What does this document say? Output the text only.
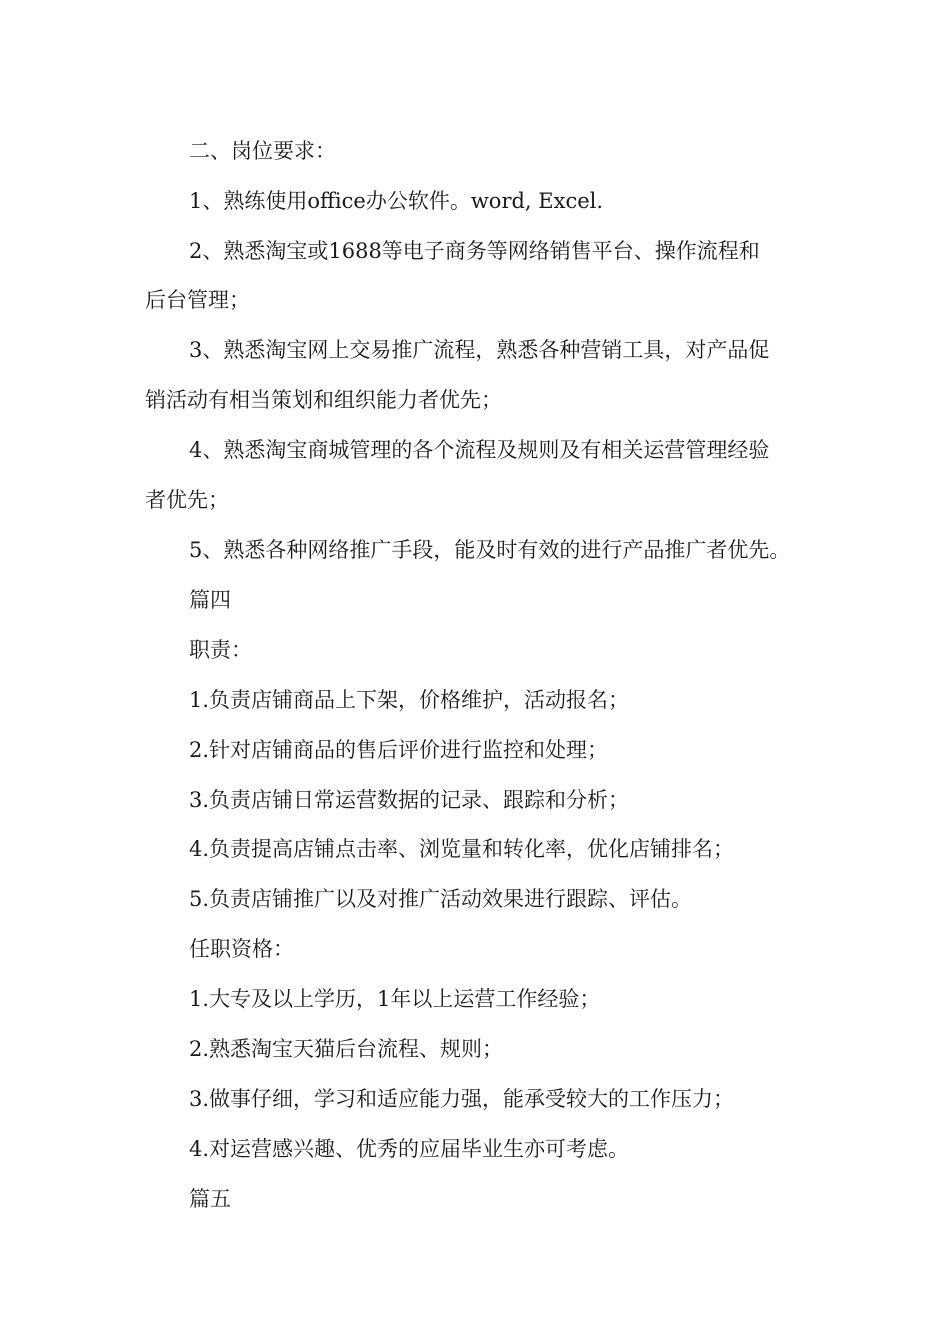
二、岗位要求：
1、熟练使用office办公软件。word, Excel.
2、熟悉淘宝或1688等电子商务等网络销售平台、操作流程和
后台管理；
3、熟悉淘宝网上交易推广流程，熟悉各种营销工具，对产品促
销活动有相当策划和组织能力者优先；
4、熟悉淘宝商城管理的各个流程及规则及有相关运营管理经验
者优先；
5、熟悉各种网络推广手段，能及时有效的进行产品推广者优先。
篇四
职责：
1.负责店铺商品上下架，价格维护，活动报名；
2.针对店铺商品的售后评价进行监控和处理；
3.负责店铺日常运营数据的记录、跟踪和分析；
4.负责提高店铺点击率、浏览量和转化率，优化店铺排名；
5.负责店铺推广以及对推广活动效果进行跟踪、评估。
任职资格：
1.大专及以上学历，1年以上运营工作经验；
2.熟悉淘宝天猫后台流程、规则；
3.做事仔细，学习和适应能力强，能承受较大的工作压力；
4.对运营感兴趣、优秀的应届毕业生亦可考虑。
篇五
